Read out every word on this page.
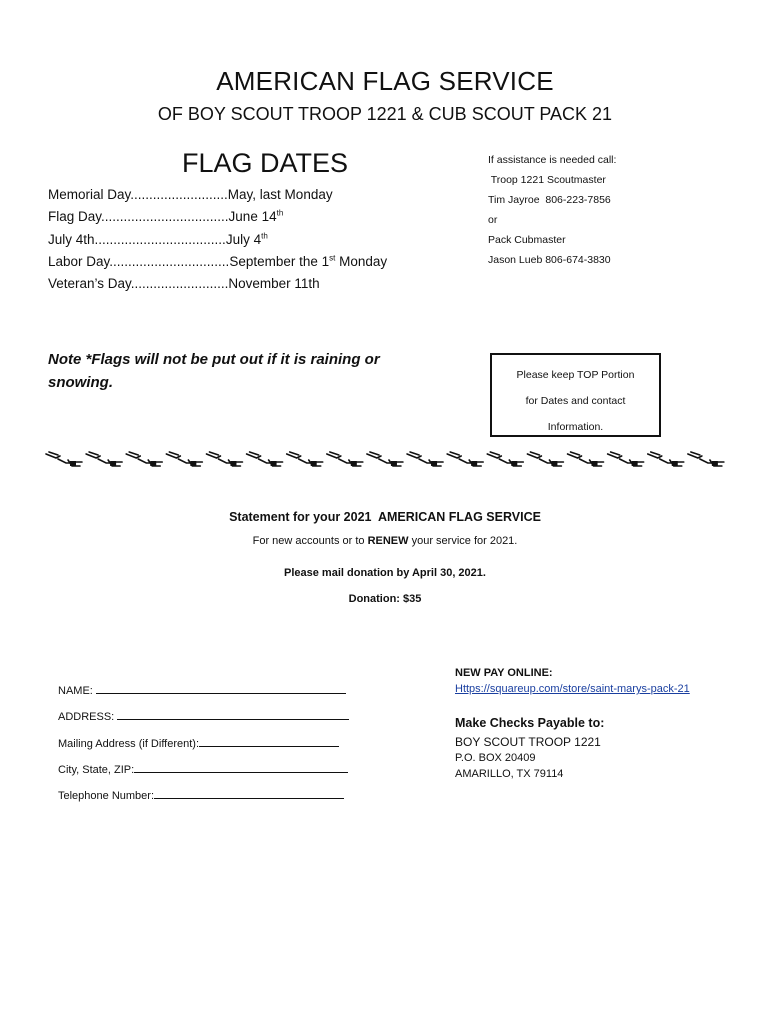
AMERICAN FLAG SERVICE
OF BOY SCOUT TROOP 1221 & CUB SCOUT PACK 21
FLAG DATES
Memorial Day..........................May, last Monday
Flag Day..................................June 14th
July 4th...................................July 4th
Labor Day................................September the 1st Monday
Veteran’s Day..........................November 11th
If assistance is needed call:
Troop 1221 Scoutmaster
Tim Jayroe  806-223-7856
or
Pack Cubmaster
Jason Lueb 806-674-3830
Note *Flags will not be put out if it is raining or snowing.	Please keep TOP Portion
for Dates and contact
Information.
Statement for your 2021  AMERICAN FLAG SERVICE
For new accounts or to RENEW your service for 2021.
Please mail donation by April 30, 2021.
Donation: $35
NAME:
ADDRESS:
Mailing Address (if Different):
City, State, ZIP:
Telephone Number:
NEW PAY ONLINE:
Https://squareup.com/store/saint-marys-pack-21
Make Checks Payable to:
BOY SCOUT TROOP 1221
P.O. BOX 20409
AMARILLO, TX 79114
